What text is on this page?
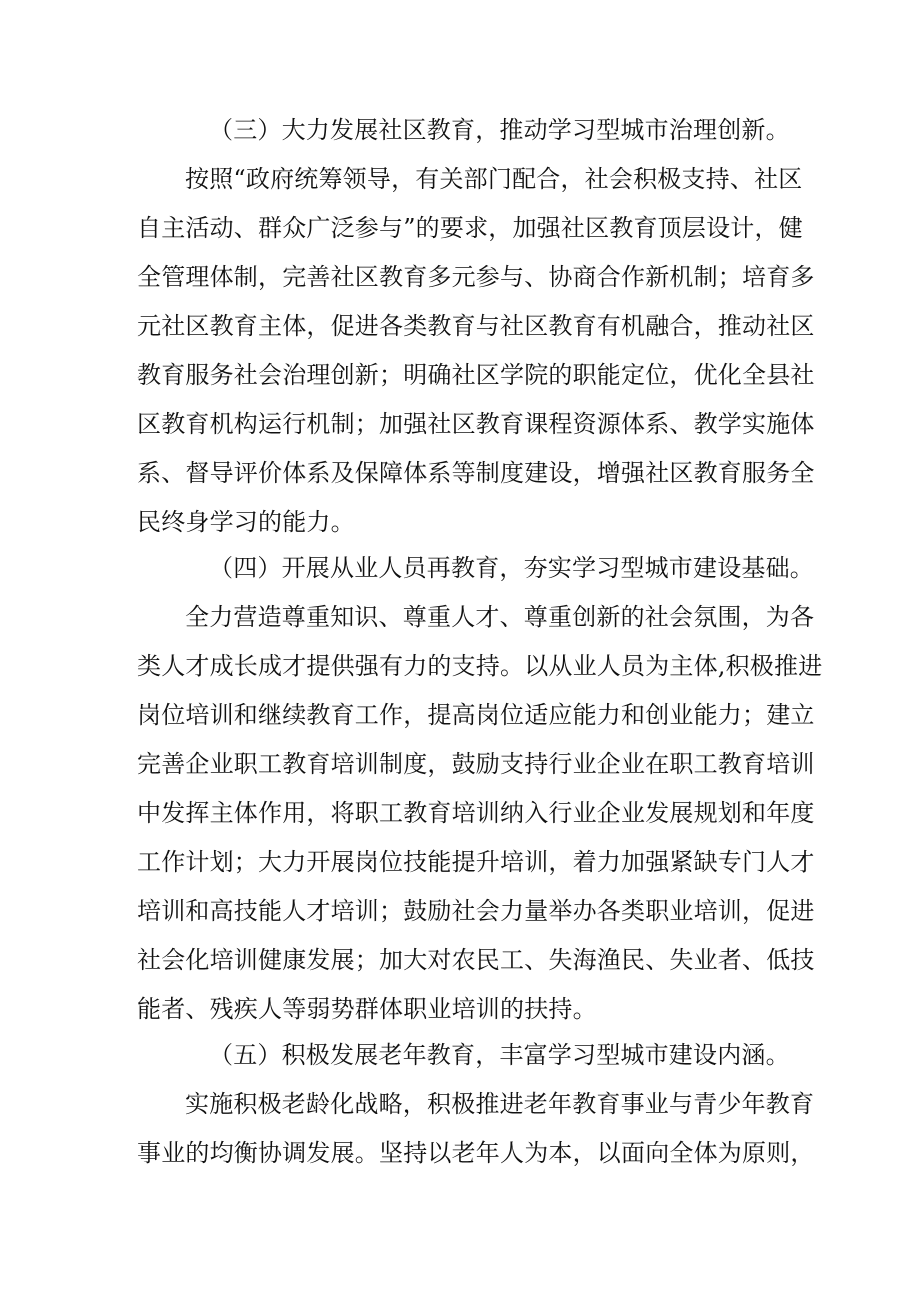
（三）大力发展社区教育，推动学习型城市治理创新。
按照“政府统筹领导，有关部门配合，社会积极支持、社区
自主活动、群众广泛参与”的要求，加强社区教育顶层设计，健
全管理体制，完善社区教育多元参与、协商合作新机制；培育多
元社区教育主体，促进各类教育与社区教育有机融合，推动社区
教育服务社会治理创新；明确社区学院的职能定位，优化全县社
区教育机构运行机制；加强社区教育课程资源体系、教学实施体
系、督导评价体系及保障体系等制度建设，增强社区教育服务全
民终身学习的能力。
（四）开展从业人员再教育，夯实学习型城市建设基础。
全力营造尊重知识、尊重人才、尊重创新的社会氛围，为各
类人才成长成才提供强有力的支持。以从业人员为主体,积极推进
岗位培训和继续教育工作，提高岗位适应能力和创业能力；建立
完善企业职工教育培训制度，鼓励支持行业企业在职工教育培训
中发挥主体作用，将职工教育培训纳入行业企业发展规划和年度
工作计划；大力开展岗位技能提升培训，着力加强紧缺专门人才
培训和高技能人才培训；鼓励社会力量举办各类职业培训，促进
社会化培训健康发展；加大对农民工、失海渔民、失业者、低技
能者、残疾人等弱势群体职业培训的扶持。
（五）积极发展老年教育，丰富学习型城市建设内涵。
实施积极老龄化战略，积极推进老年教育事业与青少年教育
事业的均衡协调发展。坚持以老年人为本，以面向全体为原则，
